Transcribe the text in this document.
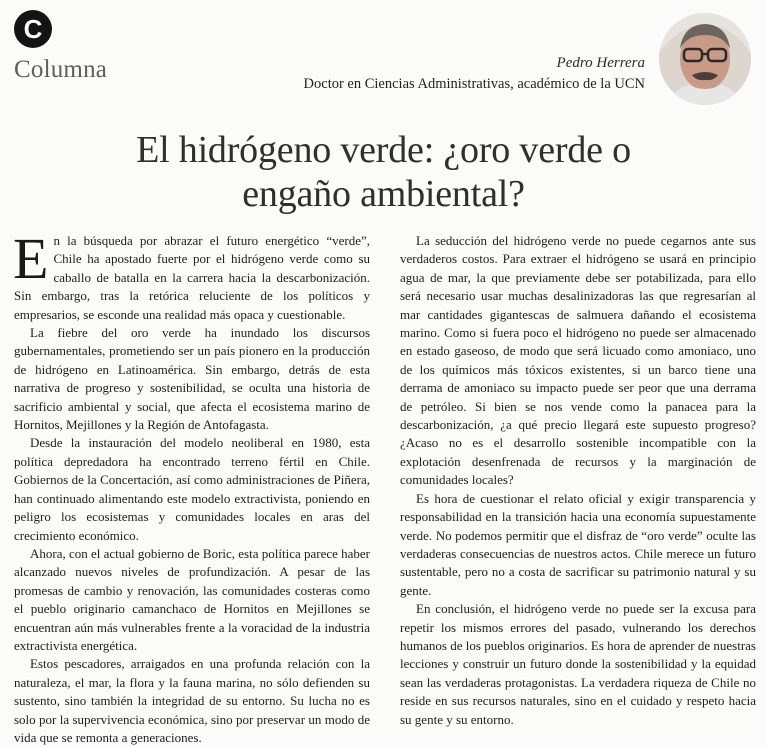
C
Columna	Pedro Herrera
Doctor en Ciencias Administrativas, académico de la UCN
El hidrógeno verde: ¿oro verde o
engaño ambiental?

En la búsqueda por abrazar el futuro energético “verde”, Chile ha apostado fuerte por el hidrógeno verde como su caballo de batalla en la carrera hacia la descarbonización. Sin embargo, tras la retórica reluciente de los políticos y empresarios, se esconde una realidad más opaca y cuestionable.

La fiebre del oro verde ha inundado los discursos gubernamentales, prometiendo ser un país pionero en la producción de hidrógeno en Latinoamérica. Sin embargo, detrás de esta narrativa de progreso y sostenibilidad, se oculta una historia de sacrificio ambiental y social, que afecta el ecosistema marino de Hornitos, Mejillones y la Región de Antofagasta.

Desde la instauración del modelo neoliberal en 1980, esta política depredadora ha encontrado terreno fértil en Chile. Gobiernos de la Concertación, así como administraciones de Piñera, han continuado alimentando este modelo extractivista, poniendo en peligro los ecosistemas y comunidades locales en aras del crecimiento económico.

Ahora, con el actual gobierno de Boric, esta política parece haber alcanzado nuevos niveles de profundización. A pesar de las promesas de cambio y renovación, las comunidades costeras como el pueblo originario camanchaco de Hornitos en Mejillones se encuentran aún más vulnerables frente a la voracidad de la industria extractivista energética.

Estos pescadores, arraigados en una profunda relación con la naturaleza, el mar, la flora y la fauna marina, no sólo defienden su sustento, sino también la integridad de su entorno. Su lucha no es solo por la supervivencia económica, sino por preservar un modo de vida que se remonta a generaciones.

La seducción del hidrógeno verde no puede cegarnos ante sus verdaderos costos. Para extraer el hidrógeno se usará en principio agua de mar, la que previamente debe ser potabilizada, para ello será necesario usar muchas desalinizadoras las que regresarían al mar cantidades gigantescas de salmuera dañando el ecosistema marino. Como si fuera poco el hidrógeno no puede ser almacenado en estado gaseoso, de modo que será licuado como amoniaco, uno de los químicos más tóxicos existentes, si un barco tiene una derrama de amoniaco su impacto puede ser peor que una derrama de petróleo. Si bien se nos vende como la panacea para la descarbonización, ¿a qué precio llegará este supuesto progreso? ¿Acaso no es el desarrollo sostenible incompatible con la explotación desenfrenada de recursos y la marginación de comunidades locales?

Es hora de cuestionar el relato oficial y exigir transparencia y responsabilidad en la transición hacia una economía supuestamente verde. No podemos permitir que el disfraz de “oro verde” oculte las verdaderas consecuencias de nuestros actos. Chile merece un futuro sustentable, pero no a costa de sacrificar su patrimonio natural y su gente.

En conclusión, el hidrógeno verde no puede ser la excusa para repetir los mismos errores del pasado, vulnerando los derechos humanos de los pueblos originarios. Es hora de aprender de nuestras lecciones y construir un futuro donde la sostenibilidad y la equidad sean las verdaderas protagonistas. La verdadera riqueza de Chile no reside en sus recursos naturales, sino en el cuidado y respeto hacia su gente y su entorno.
